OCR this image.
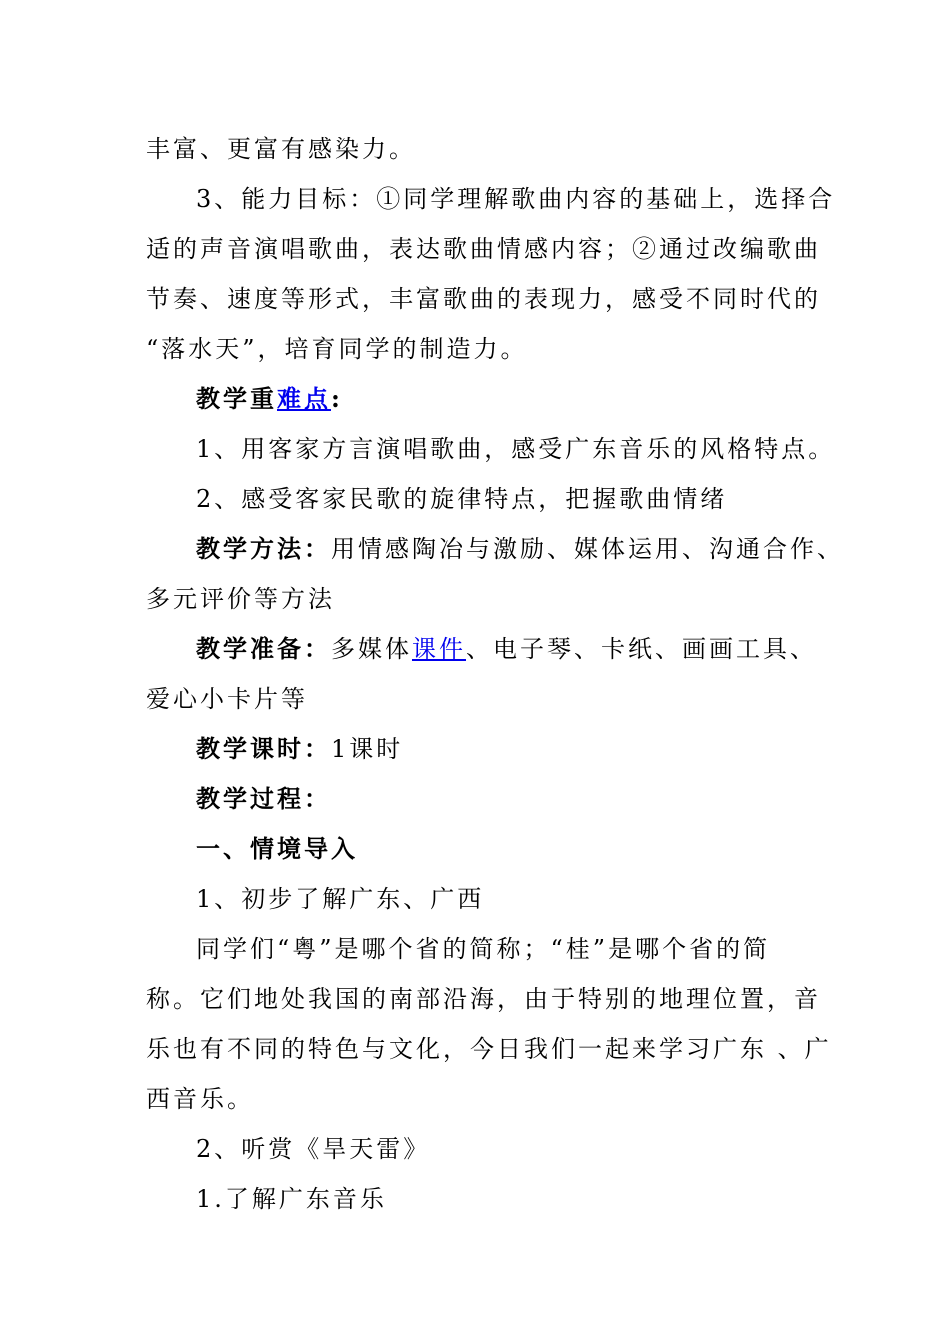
丰富、更富有感染力。
3、能力目标：①同学理解歌曲内容的基础上，选择合
适的声音演唱歌曲，表达歌曲情感内容；②通过改编歌曲
节奏、速度等形式，丰富歌曲的表现力，感受不同时代的
“落水天”，培育同学的制造力。
教学重难点:
1、用客家方言演唱歌曲，感受广东音乐的风格特点。
2、感受客家民歌的旋律特点，把握歌曲情绪
教学方法：用情感陶冶与激励、媒体运用、沟通合作、
多元评价等方法
教学准备：多媒体课件、电子琴、卡纸、画画工具、
爱心小卡片等
教学课时：1课时
教学过程：
一、情境导入
1、初步了解广东、广西
同学们“粤”是哪个省的简称；“桂”是哪个省的简
称。它们地处我国的南部沿海，由于特别的地理位置，音
乐也有不同的特色与文化，今日我们一起来学习广东 、广
西音乐。
2、听赏《旱天雷》
1.了解广东音乐
